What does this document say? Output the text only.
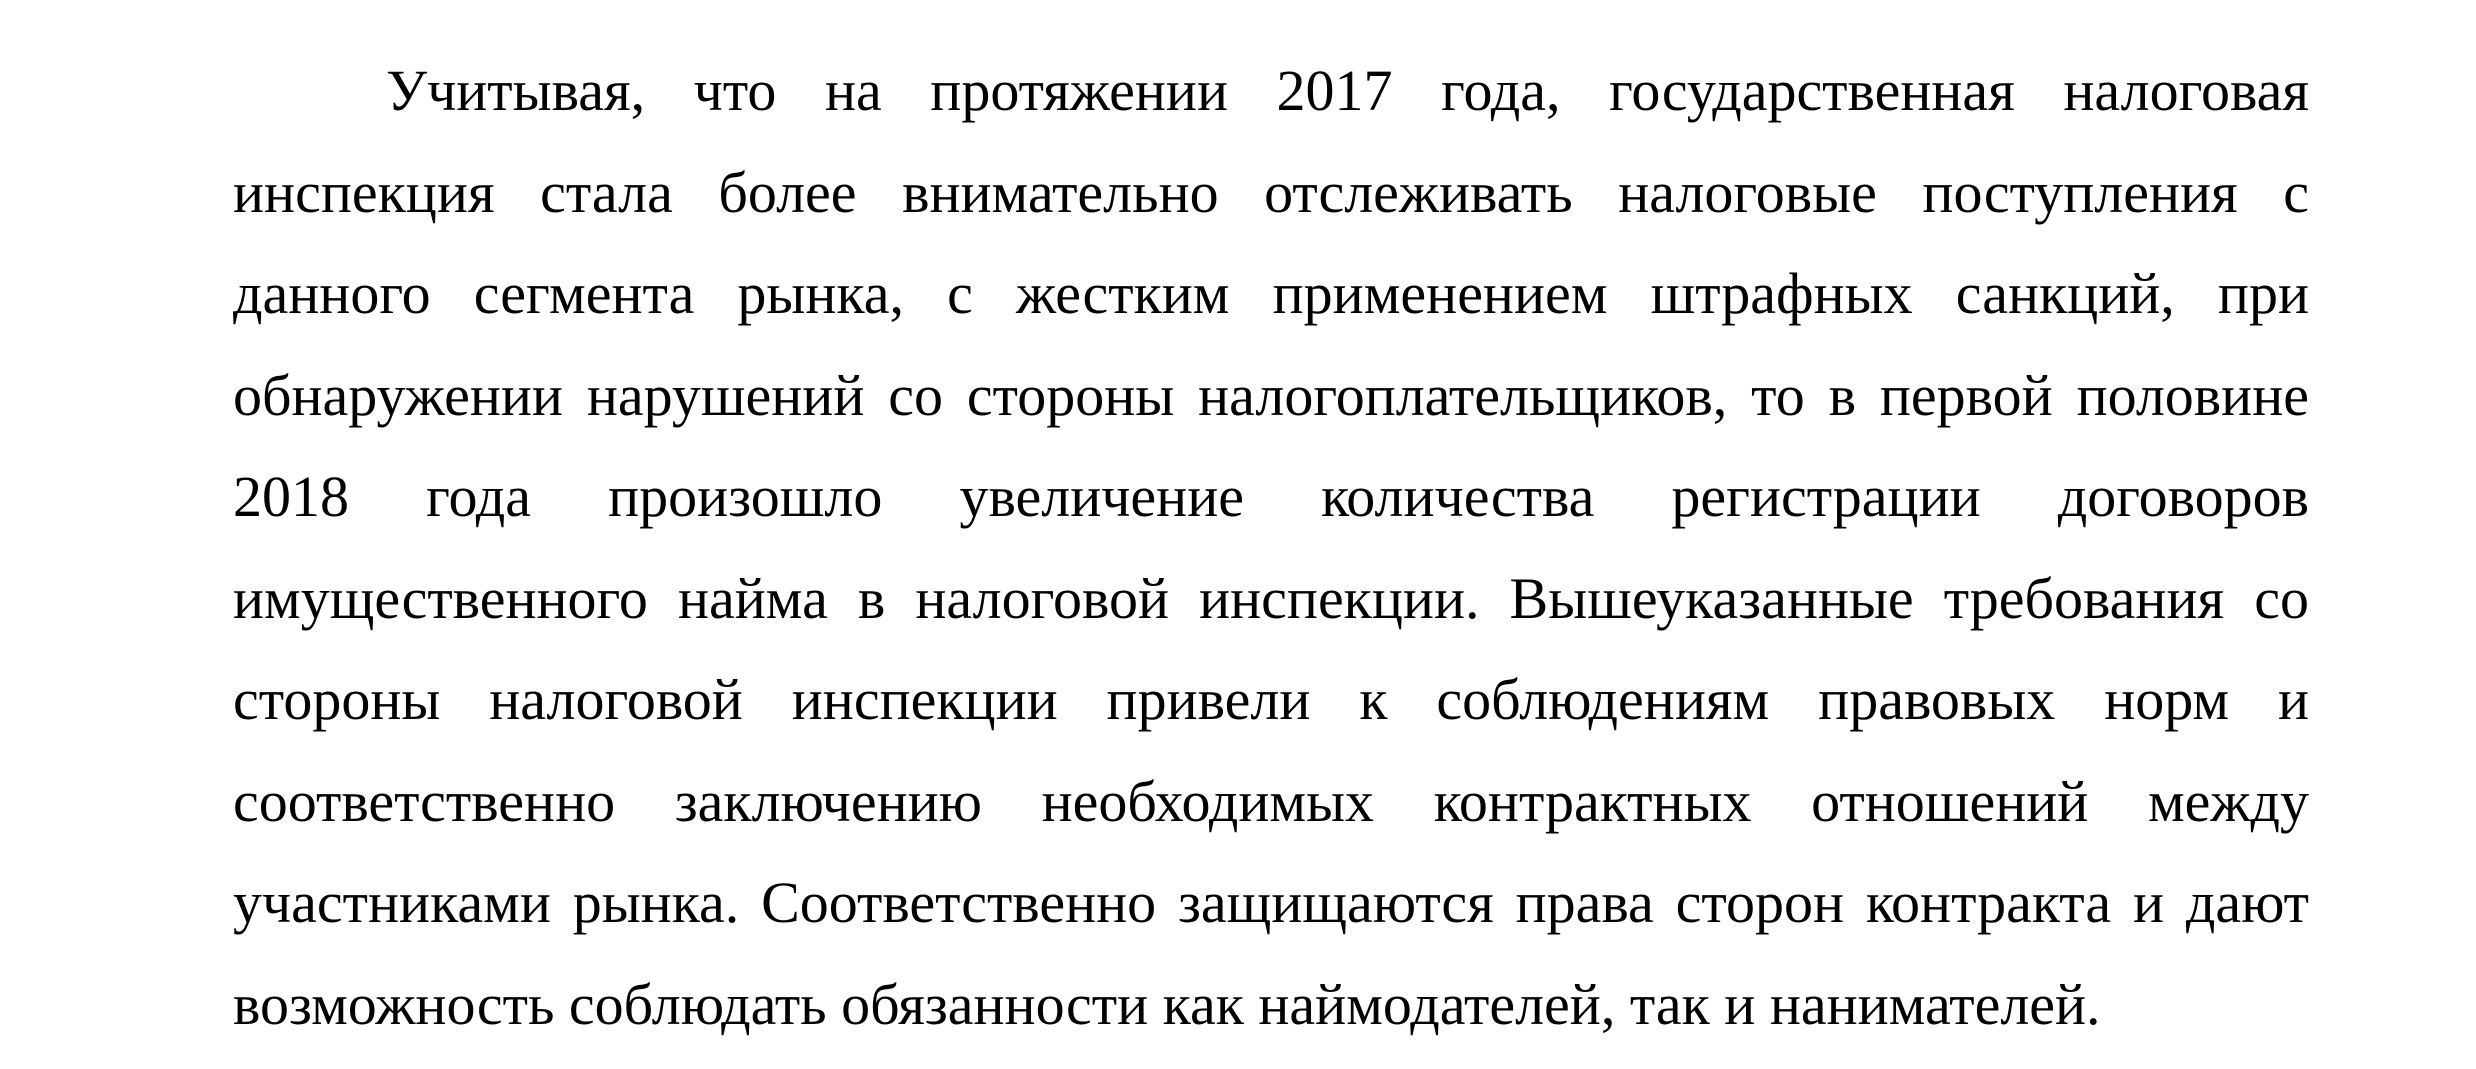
Учитывая, что на протяжении 2017 года, государственная налоговая
инспекция стала более внимательно отслеживать налоговые поступления с
данного сегмента рынка, с жестким применением штрафных санкций, при
обнаружении нарушений со стороны налогоплательщиков, то в первой половине
2018 года произошло увеличение количества регистрации договоров
имущественного найма в налоговой инспекции. Вышеуказанные требования со
стороны налоговой инспекции привели к соблюдениям правовых норм и
соответственно заключению необходимых контрактных отношений между
участниками рынка. Соответственно защищаются права сторон контракта и дают
возможность соблюдать обязанности как наймодателей, так и нанимателей.
